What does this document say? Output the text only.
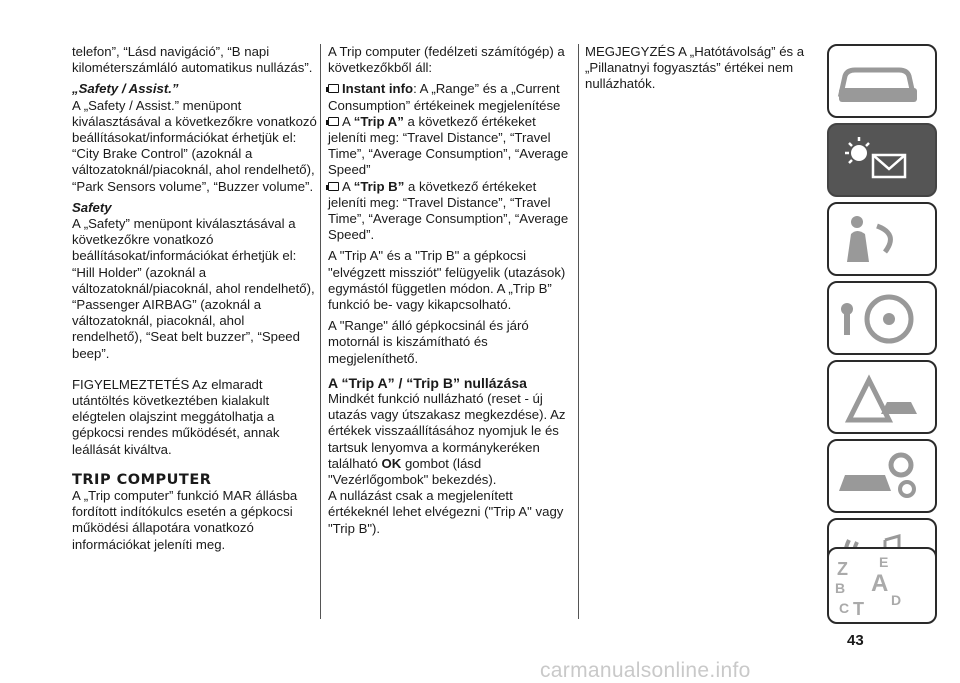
telefon”, “Lásd navigáció”, “B napi kilométerszámláló automatikus nullázás”.

„Safety / Assist.”

A „Safety / Assist.” menüpont kiválasztásával a következőkre vonatkozó beállításokat/információkat érhetjük el: “City Brake Control” (azoknál a változatoknál/piacoknál, ahol rendelhető), “Park Sensors volume”, “Buzzer volume”.

Safety

A „Safety” menüpont kiválasztásával a következőkre vonatkozó beállításokat/információkat érhetjük el: “Hill Holder” (azoknál a változatoknál/piacoknál, ahol rendelhető), “Passenger AIRBAG” (azoknál a változatoknál, piacoknál, ahol rendelhető), “Seat belt buzzer”, “Speed beep”.

FIGYELMEZTETÉS Az elmaradt utántöltés következtében kialakult elégtelen olajszint meggátolhatja a gépkocsi rendes működését, annak leállását kiváltva.

TRIP COMPUTER

A „Trip computer” funkció MAR állásba fordított indítókulcs esetén a gépkocsi működési állapotára vonatkozó információkat jeleníti meg.

A Trip computer (fedélzeti számítógép) a következőkből áll:

Instant info: A „Range” és a „Current Consumption” értékeinek megjelenítése

A “Trip A” a következő értékeket jeleníti meg: “Travel Distance”, “Travel Time”, “Average Consumption”, “Average Speed”

A “Trip B” a következő értékeket jeleníti meg: “Travel Distance”, “Travel Time”, “Average Consumption”, “Average Speed”.

A "Trip A" és a "Trip B" a gépkocsi "elvégzett missziót" felügyelik (utazások) egymástól független módon. A „Trip B” funkció be- vagy kikapcsolható.

A "Range" álló gépkocsinál és járó motornál is kiszámítható és megjeleníthető.

A “Trip A” / “Trip B” nullázása

Mindkét funkció nullázható (reset - új utazás vagy útszakasz megkezdése). Az értékek visszaállításához nyomjuk le és tartsuk lenyomva a kormánykeréken található OK gombot (lásd "Vezérlőgombok" bekezdés).

A nullázást csak a megjelenített értékeknél lehet elvégezni ("Trip A" vagy "Trip B").

MEGJEGYZÉS A „Hatótávolság” és a „Pillanatnyi fogyasztás” értékei nem nullázhatók.

Z E
B A
C T D
43
carmanualsonline.info
